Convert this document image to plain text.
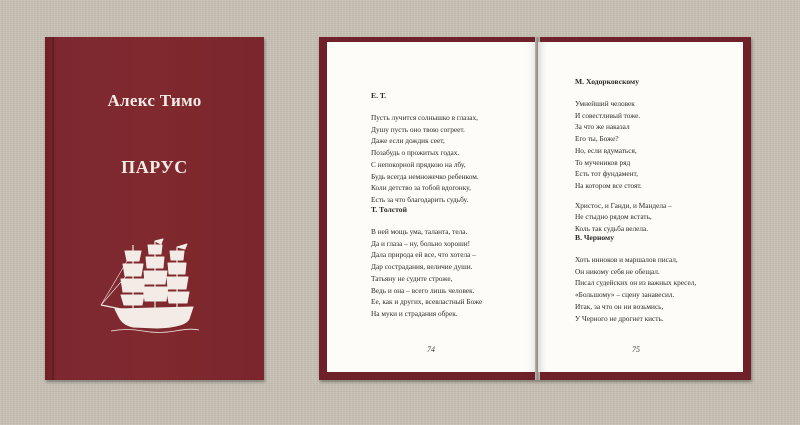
Алекс Тимо
ПАРУС
Е. Т.
Пусть лучится солнышко в глазах,
Душу пусть оно твою согреет.
Даже если дождик сеет,
Позабудь о прожитых годах.
С непокорной прядкою на лбу,
Будь всегда немножечко ребенком.
Коли детство за тобой вдогонку,
Есть за что благодарить судьбу.
Т. Толстой
В ней мощь ума, таланта, тела.
Да и глаза – ну, больно хороши!
Дала природа ей все, что хотела –
Дар сострадания, величие души.
Татьяну не судите строже,
Ведь и она – всего лишь человек.
Ее, как и других, всевластный Боже
На муки и страдания обрек.
74
М. Ходорковскому
Умнейший человек
И совестливый тоже.
За что же наказал
Его ты, Боже?
Но, если вдуматься,
То мучеников ряд
Есть тот фундамент,
На котором все стоят.
Христос, и Ганди, и Мандела –
Не стыдно рядом встать,
Коль так судьба велела.
В. Черному
Хоть инноков и маршалов писал,
Он никому себя не обещал.
Писал судейских он из важных кресел,
«Большому» – сцену занавесил.
Итак, за что он ни возьмись,
У Черного не дрогнет кисть.
75
